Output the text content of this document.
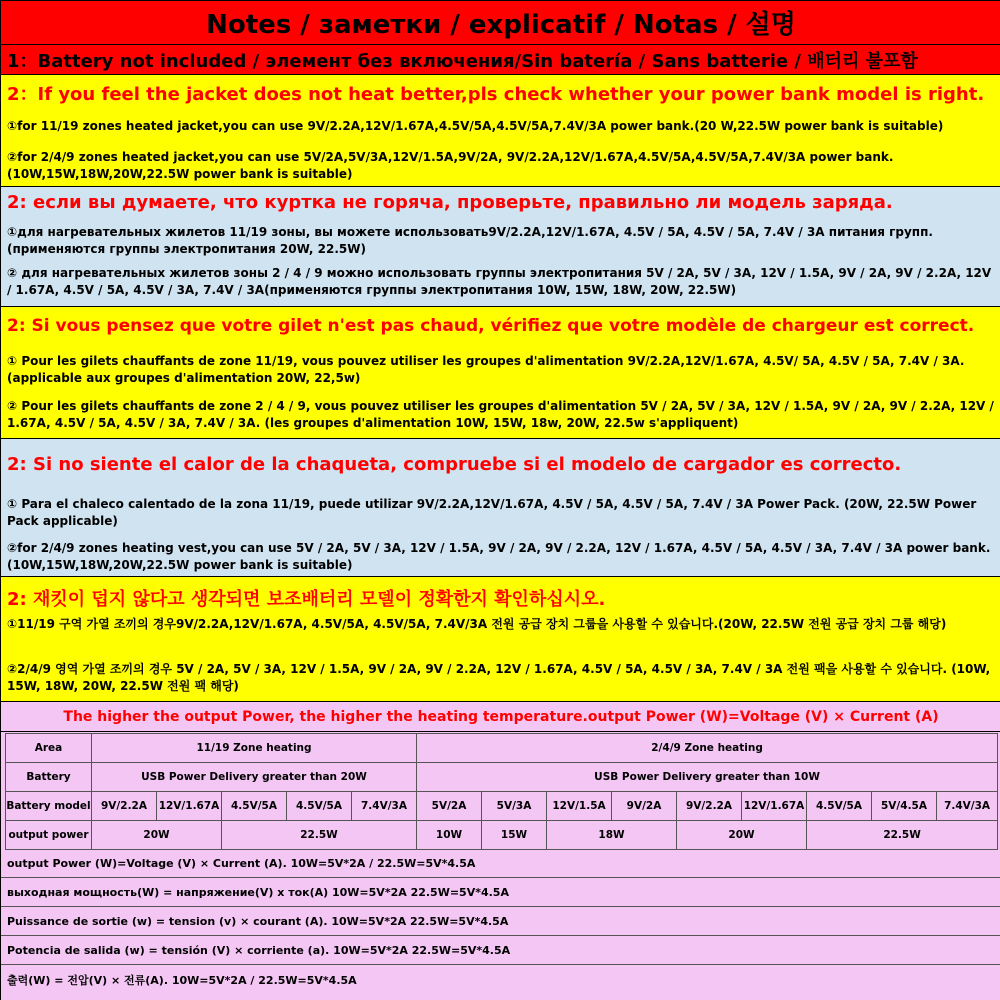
Notes / заметки / explicatif / Notas / 설명
1：Battery not included / элемент без включения/Sin batería / Sans batterie / 배터리 불포함
2：If you feel the jacket does not heat better,pls check whether your power bank model is right.
①for 11/19 zones heated jacket,you can use 9V/2.2A,12V/1.67A,4.5V/5A,4.5V/5A,7.4V/3A power bank.(20 W,22.5W power bank is suitable)
②for 2/4/9 zones heated jacket,you can use 5V/2A,5V/3A,12V/1.5A,9V/2A, 9V/2.2A,12V/1.67A,4.5V/5A,4.5V/5A,7.4V/3A power bank.(10W,15W,18W,20W,22.5W power bank is suitable)
2: если вы думаете, что куртка не горяча, проверьте, правильно ли модель заряда.
①для нагревательных жилетов 11/19 зоны, вы можете использовать9V/2.2A,12V/1.67A, 4.5V / 5A, 4.5V / 5A, 7.4V / 3A питания групп. (применяются группы электропитания 20W, 22.5W)
② для нагревательных жилетов зоны 2 / 4 / 9 можно использовать группы электропитания 5V / 2A, 5V / 3A, 12V / 1.5A, 9V / 2A, 9V / 2.2A, 12V / 1.67A, 4.5V / 5A, 4.5V / 3A, 7.4V / 3A(применяются группы электропитания 10W, 15W, 18W, 20W, 22.5W)
2: Si vous pensez que votre gilet n'est pas chaud, vérifiez que votre modèle de chargeur est correct.
① Pour les gilets chauffants de zone 11/19, vous pouvez utiliser les groupes d'alimentation 9V/2.2A,12V/1.67A, 4.5V/ 5A, 4.5V / 5A, 7.4V / 3A. (applicable aux groupes d'alimentation 20W, 22,5w)
② Pour les gilets chauffants de zone 2 / 4 / 9, vous pouvez utiliser les groupes d'alimentation 5V / 2A, 5V / 3A, 12V / 1.5A, 9V / 2A, 9V / 2.2A, 12V / 1.67A, 4.5V / 5A, 4.5V / 3A, 7.4V / 3A. (les groupes d'alimentation 10W, 15W, 18w, 20W, 22.5w s'appliquent)
2: Si no siente el calor de la chaqueta, compruebe si el modelo de cargador es correcto.
① Para el chaleco calentado de la zona 11/19, puede utilizar 9V/2.2A,12V/1.67A, 4.5V / 5A, 4.5V / 5A, 7.4V / 3A Power Pack. (20W, 22.5W Power Pack applicable)
②for 2/4/9 zones heating vest,you can use 5V / 2A, 5V / 3A, 12V / 1.5A, 9V / 2A, 9V / 2.2A, 12V / 1.67A, 4.5V / 5A, 4.5V / 3A, 7.4V / 3A power bank.(10W,15W,18W,20W,22.5W power bank is suitable)
2: 재킷이 덥지 않다고 생각되면 보조배터리 모델이 정확한지 확인하십시오.
①11/19 구역 가열 조끼의 경우9V/2.2A,12V/1.67A, 4.5V/5A, 4.5V/5A, 7.4V/3A 전원 공급 장치 그룹을 사용할 수 있습니다.(20W, 22.5W 전원 공급 장치 그룹 해당)
②2/4/9 영역 가열 조끼의 경우 5V / 2A, 5V / 3A, 12V / 1.5A, 9V / 2A, 9V / 2.2A, 12V / 1.67A, 4.5V / 5A, 4.5V / 3A, 7.4V / 3A 전원 팩을 사용할 수 있습니다. (10W, 15W, 18W, 20W, 22.5W 전원 팩 해당)
The higher the output Power, the higher the heating temperature.output Power (W)=Voltage (V) × Current (A)
Area	11/19 Zone heating					2/4/9 Zone heating								
Battery	USB Power Delivery greater than 20W					USB Power Delivery greater than 10W								
Battery model	9V/2.2A	12V/1.67A	4.5V/5A	4.5V/5A	7.4V/3A	5V/2A	5V/3A	12V/1.5A	9V/2A	9V/2.2A	12V/1.67A	4.5V/5A	5V/4.5A	7.4V/3A
output power	20W		22.5W			10W	15W	18W		20W		22.5W		
output Power (W)=Voltage (V) × Current (A). 10W=5V*2A / 22.5W=5V*4.5A
выходная мощность(W) = напряжение(V) x ток(A) 10W=5V*2A 22.5W=5V*4.5A
Puissance de sortie (w) = tension (v) × courant (A). 10W=5V*2A 22.5W=5V*4.5A
Potencia de salida (w) = tensión (V) × corriente (a). 10W=5V*2A 22.5W=5V*4.5A
출력(W) = 전압(V) × 전류(A). 10W=5V*2A / 22.5W=5V*4.5A
